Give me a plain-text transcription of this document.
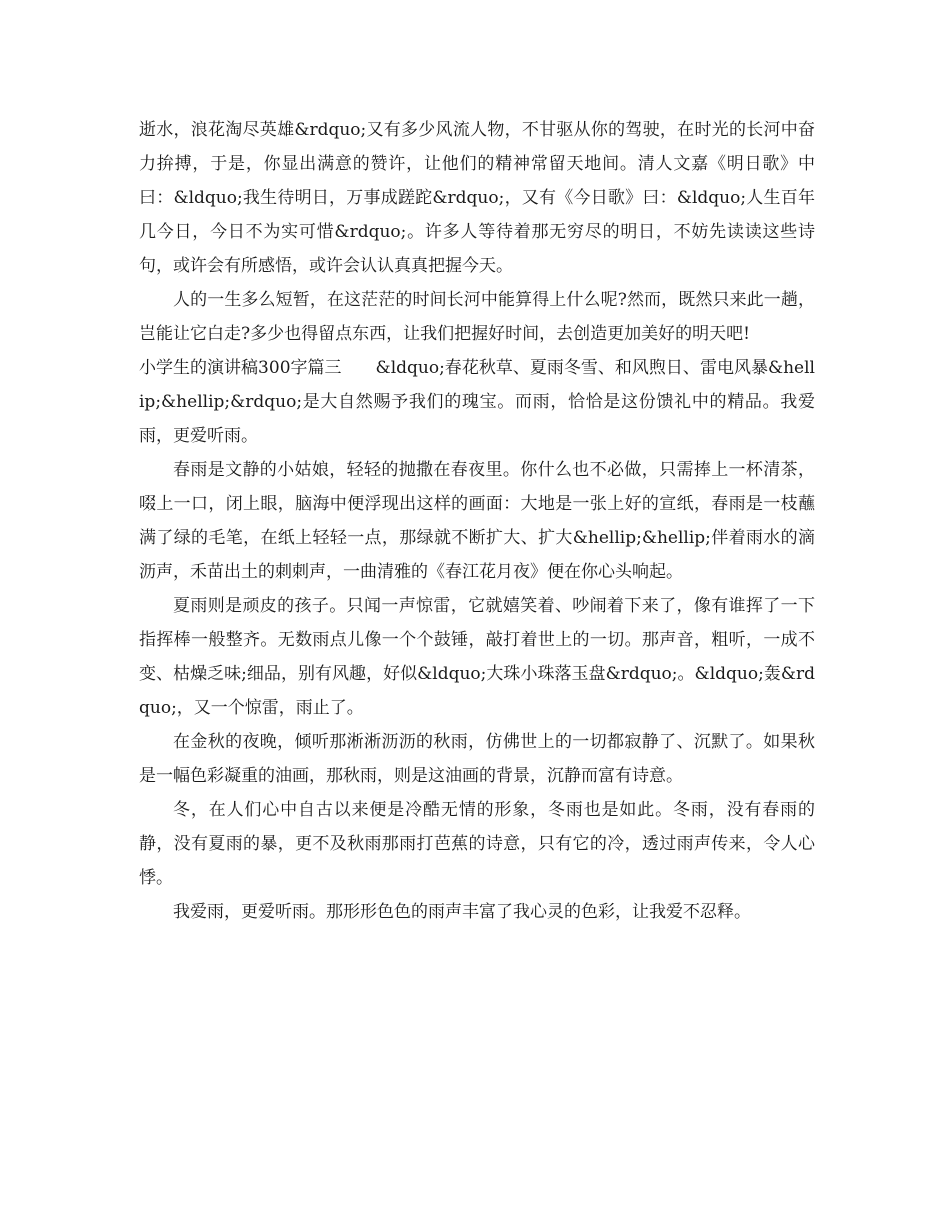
逝水，浪花淘尽英雄&rdquo;又有多少风流人物，不甘驱从你的驾驶，在时光的长河中奋力拚搏，于是，你显出满意的赞许，让他们的精神常留天地间。清人文嘉《明日歌》中曰：&ldquo;我生待明日，万事成蹉跎&rdquo;，又有《今日歌》曰：&ldquo;人生百年几今日，今日不为实可惜&rdquo;。许多人等待着那无穷尽的明日，不妨先读读这些诗句，或许会有所感悟，或许会认认真真把握今天。

人的一生多么短暂，在这茫茫的时间长河中能算得上什么呢?然而，既然只来此一趟，岂能让它白走?多少也得留点东西，让我们把握好时间，去创造更加美好的明天吧!

小学生的演讲稿300字篇三　　&ldquo;春花秋草、夏雨冬雪、和风煦日、雷电风暴&hellip;&hellip;&rdquo;是大自然赐予我们的瑰宝。而雨，恰恰是这份馈礼中的精品。我爱雨，更爱听雨。

春雨是文静的小姑娘，轻轻的抛撒在春夜里。你什么也不必做，只需捧上一杯清茶，啜上一口，闭上眼，脑海中便浮现出这样的画面：大地是一张上好的宣纸，春雨是一枝蘸满了绿的毛笔，在纸上轻轻一点，那绿就不断扩大、扩大&hellip;&hellip;伴着雨水的滴沥声，禾苗出土的刺刺声，一曲清雅的《春江花月夜》便在你心头响起。

夏雨则是顽皮的孩子。只闻一声惊雷，它就嬉笑着、吵闹着下来了，像有谁挥了一下指挥棒一般整齐。无数雨点儿像一个个鼓锤，敲打着世上的一切。那声音，粗听，一成不变、枯燥乏味;细品，别有风趣，好似&ldquo;大珠小珠落玉盘&rdquo;。&ldquo;轰&rdquo;，又一个惊雷，雨止了。

在金秋的夜晚，倾听那淅淅沥沥的秋雨，仿佛世上的一切都寂静了、沉默了。如果秋是一幅色彩凝重的油画，那秋雨，则是这油画的背景，沉静而富有诗意。

冬，在人们心中自古以来便是冷酷无情的形象，冬雨也是如此。冬雨，没有春雨的静，没有夏雨的暴，更不及秋雨那雨打芭蕉的诗意，只有它的冷，透过雨声传来，令人心悸。

我爱雨，更爱听雨。那形形色色的雨声丰富了我心灵的色彩，让我爱不忍释。
